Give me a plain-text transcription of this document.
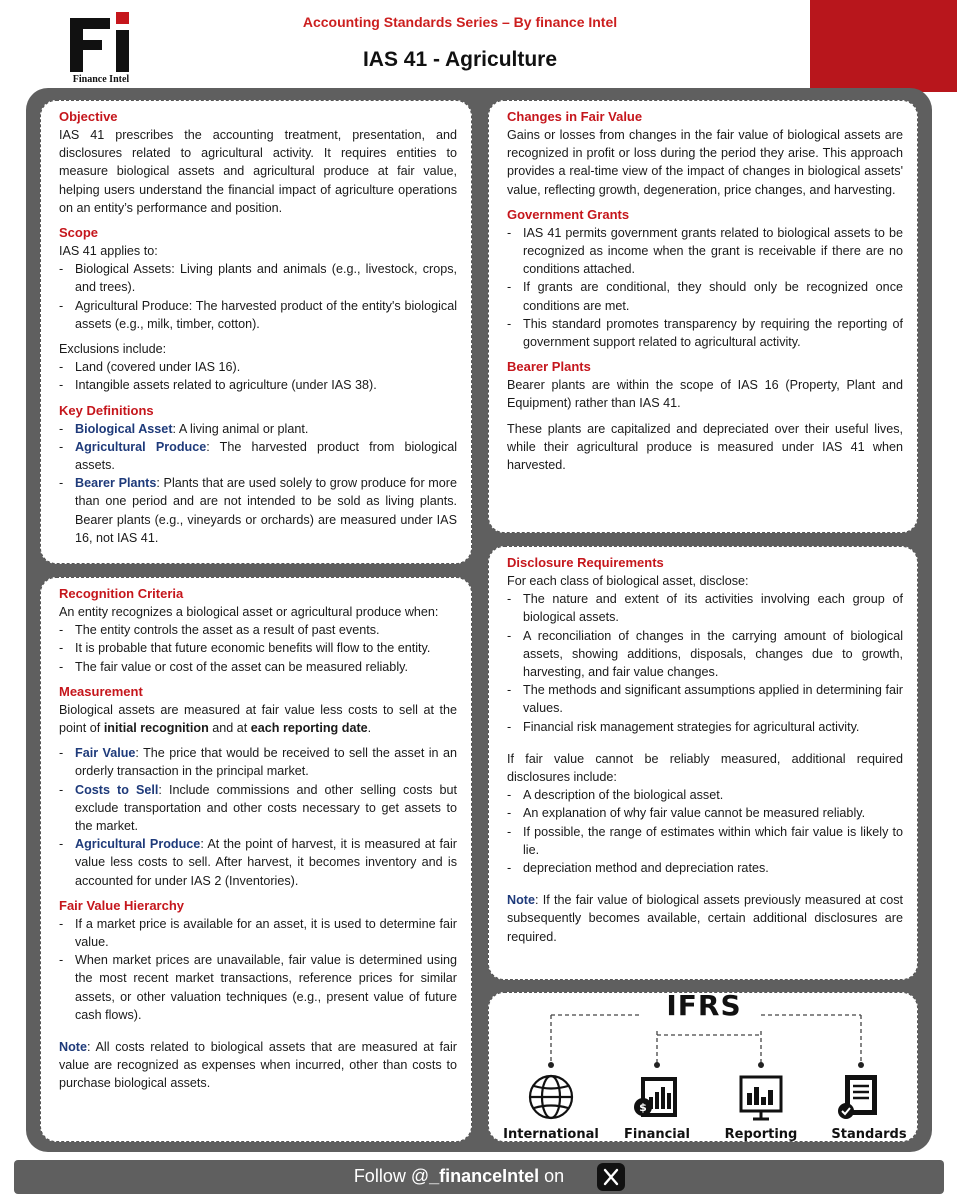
Finance Intel
Accounting Standards Series – By finance Intel
IAS 41 - Agriculture
Objective
IAS 41 prescribes the accounting treatment, presentation, and disclosures related to agricultural activity. It requires entities to measure biological assets and agricultural produce at fair value, helping users understand the financial impact of agriculture operations on an entity’s performance and position.
Scope
IAS 41 applies to:
- Biological Assets: Living plants and animals (e.g., livestock, crops, and trees).
- Agricultural Produce: The harvested product of the entity's biological assets (e.g., milk, timber, cotton).
Exclusions include:
- Land (covered under IAS 16).
- Intangible assets related to agriculture (under IAS 38).
Key Definitions
- Biological Asset: A living animal or plant.
- Agricultural Produce: The harvested product from biological assets.
- Bearer Plants: Plants that are used solely to grow produce for more than one period and are not intended to be sold as living plants. Bearer plants (e.g., vineyards or orchards) are measured under IAS 16, not IAS 41.
Recognition Criteria
An entity recognizes a biological asset or agricultural produce when:
- The entity controls the asset as a result of past events.
- It is probable that future economic benefits will flow to the entity.
- The fair value or cost of the asset can be measured reliably.
Measurement
Biological assets are measured at fair value less costs to sell at the point of initial recognition and at each reporting date.
- Fair Value: The price that would be received to sell the asset in an orderly transaction in the principal market.
- Costs to Sell: Include commissions and other selling costs but exclude transportation and other costs necessary to get assets to the market.
- Agricultural Produce: At the point of harvest, it is measured at fair value less costs to sell. After harvest, it becomes inventory and is accounted for under IAS 2 (Inventories).
Fair Value Hierarchy
- If a market price is available for an asset, it is used to determine fair value.
- When market prices are unavailable, fair value is determined using the most recent market transactions, reference prices for similar assets, or other valuation techniques (e.g., present value of future cash flows).
Note: All costs related to biological assets that are measured at fair value are recognized as expenses when incurred, other than costs to purchase biological assets.
Changes in Fair Value
Gains or losses from changes in the fair value of biological assets are recognized in profit or loss during the period they arise. This approach provides a real-time view of the impact of changes in biological assets' value, reflecting growth, degeneration, price changes, and harvesting.
Government Grants
- IAS 41 permits government grants related to biological assets to be recognized as income when the grant is receivable if there are no conditions attached.
- If grants are conditional, they should only be recognized once conditions are met.
- This standard promotes transparency by requiring the reporting of government support related to agricultural activity.
Bearer Plants
Bearer plants are within the scope of IAS 16 (Property, Plant and Equipment) rather than IAS 41.
These plants are capitalized and depreciated over their useful lives, while their agricultural produce is measured under IAS 41 when harvested.
Disclosure Requirements
For each class of biological asset, disclose:
- The nature and extent of its activities involving each group of biological assets.
- A reconciliation of changes in the carrying amount of biological assets, showing additions, disposals, changes due to growth, harvesting, and fair value changes.
- The methods and significant assumptions applied in determining fair values.
- Financial risk management strategies for agricultural activity.
If fair value cannot be reliably measured, additional required disclosures include:
- A description of the biological asset.
- An explanation of why fair value cannot be measured reliably.
- If possible, the range of estimates within which fair value is likely to lie.
- depreciation method and depreciation rates.
Note: If the fair value of biological assets previously measured at cost subsequently becomes available, certain additional disclosures are required.
$
IFRS
International	Financial	Reporting	Standards
Follow @_financeIntel on
